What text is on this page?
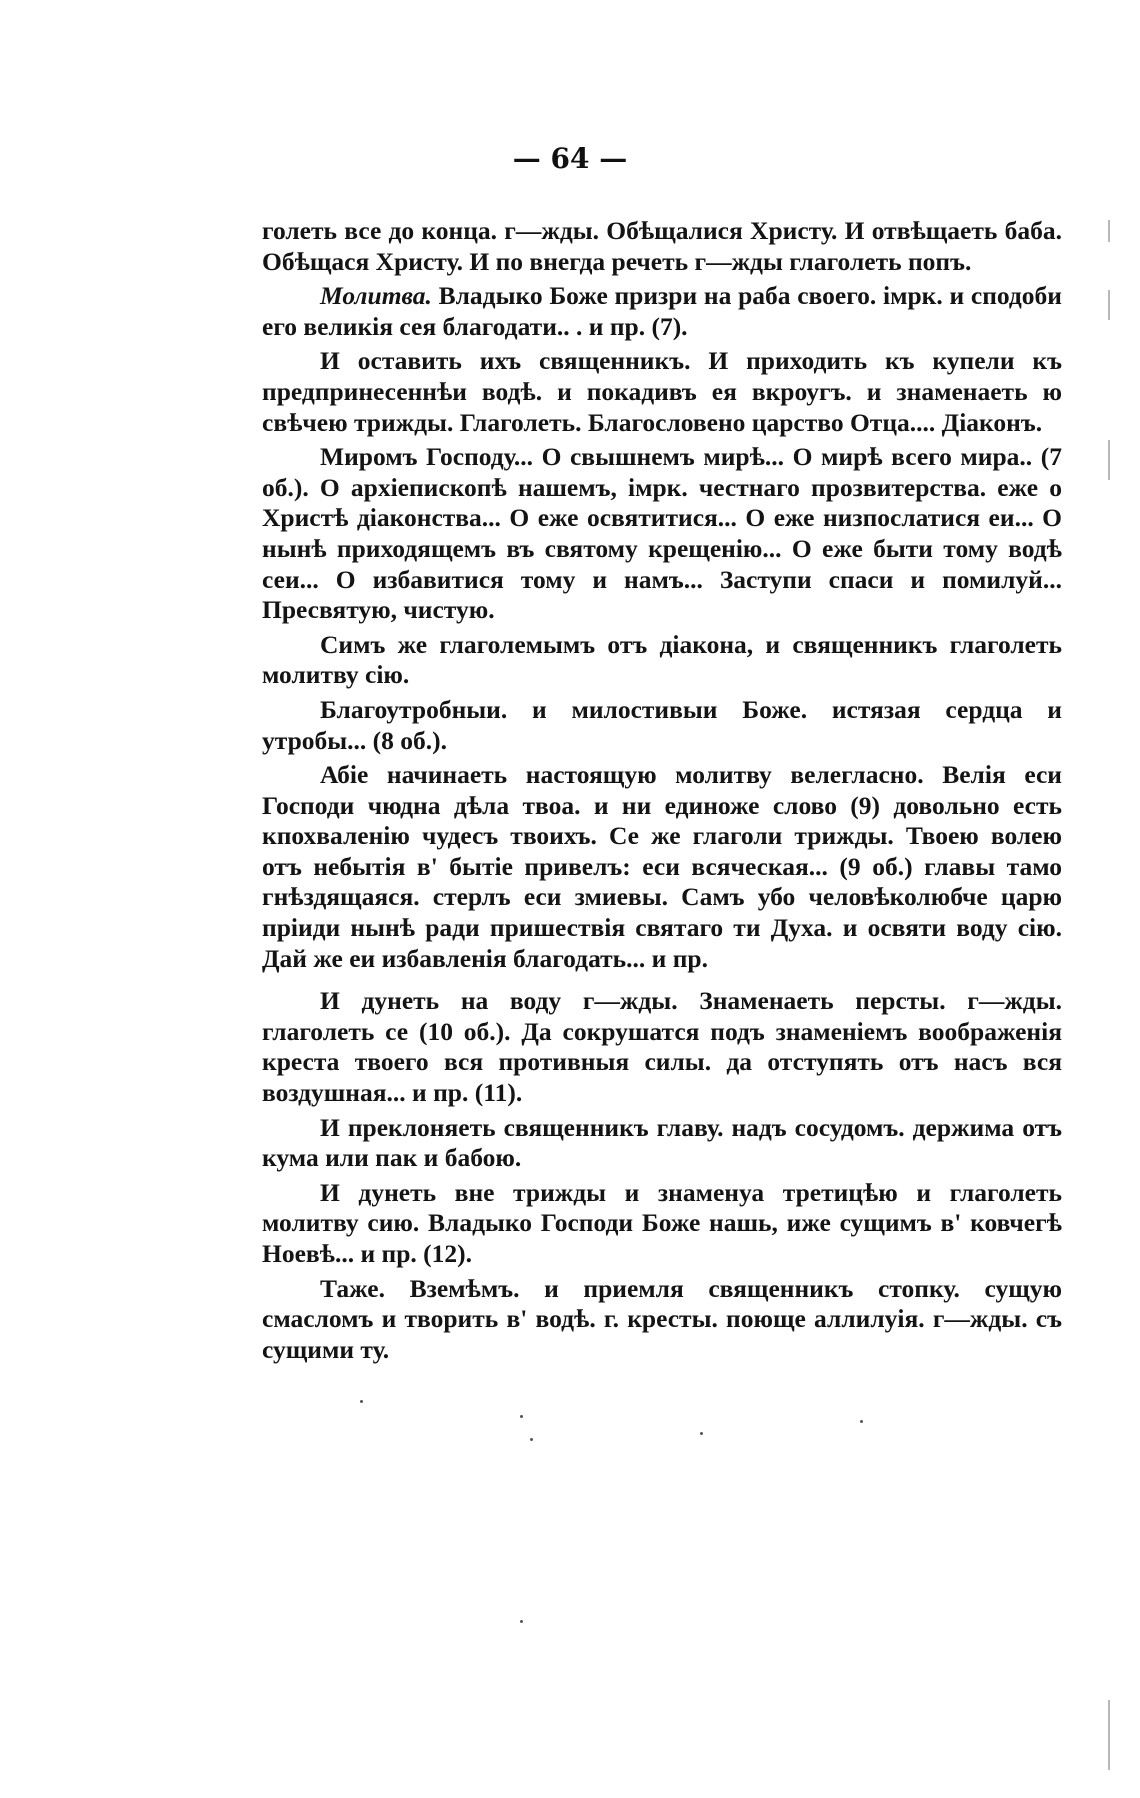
— 64 —

голеть все до конца. г—жды. Обѣщалися Христу. И отвѣщаеть баба. Обѣщася Христу. И по внегда речеть г—жды глаголеть попъ.

Молитва. Владыко Боже призри на раба своего. імрк. и сподоби его великія сея благодати.. . и пр. (7).

И оставить ихъ священникъ. И приходить къ купели къ предпринесеннѣи водѣ. и покадивъ ея вкроугъ. и знаменаеть ю свѣчею трижды. Глаголеть. Благословено царство Отца.... Діаконъ.

Миромъ Господу... О свышнемъ мирѣ... О мирѣ всего мира.. (7 об.). О архіепископѣ нашемъ, імрк. честнаго прозвитерства. еже о Христѣ діаконства... О еже освятитися... О еже низпослатися еи... О нынѣ приходящемъ въ святому крещенію... О еже быти тому водѣ сеи... О избавитися тому и намъ... Заступи спаси и помилуй... Пресвятую, чистую.

Симъ же глаголемымъ отъ діакона, и священникъ глаголеть молитву сію.

Благоутробныи. и милостивыи Боже. истязая сердца и утробы... (8 об.).

Абіе начинаеть настоящую молитву велегласно. Велія еси Господи чюдна дѣла твоа. и ни единоже слово (9) довольно есть кпохваленію чудесъ твоихъ. Се же глаголи трижды. Твоею волею отъ небытія в' бытіе привелъ: еси всяческая... (9 об.) главы тамо гнѣздящаяся. стерлъ еси змиевы. Самъ убо человѣколюбче царю пріиди нынѣ ради пришествія святаго ти Духа. и освяти воду сію. Дай же еи избавленія благодать... и пр.

И дунеть на воду г—жды. Знаменаеть персты. г—жды. глаголеть се (10 об.). Да сокрушатся подъ знаменіемъ воображенія креста твоего вся противныя силы. да отступять отъ насъ вся воздушная... и пр. (11).

И преклоняеть священникъ главу. надъ сосудомъ. держима отъ кума или пак и бабою.

И дунеть вне трижды и знаменуа третицѣю и глаголеть молитву сию. Владыко Господи Боже нашь, иже сущимъ в' ковчегѣ Ноевѣ... и пр. (12).

Таже. Вземѣмъ. и приемля священникъ стопку. сущую смасломъ и творить в' водѣ. г. кресты. поюще аллилуія. г—жды. съ сущими ту.
